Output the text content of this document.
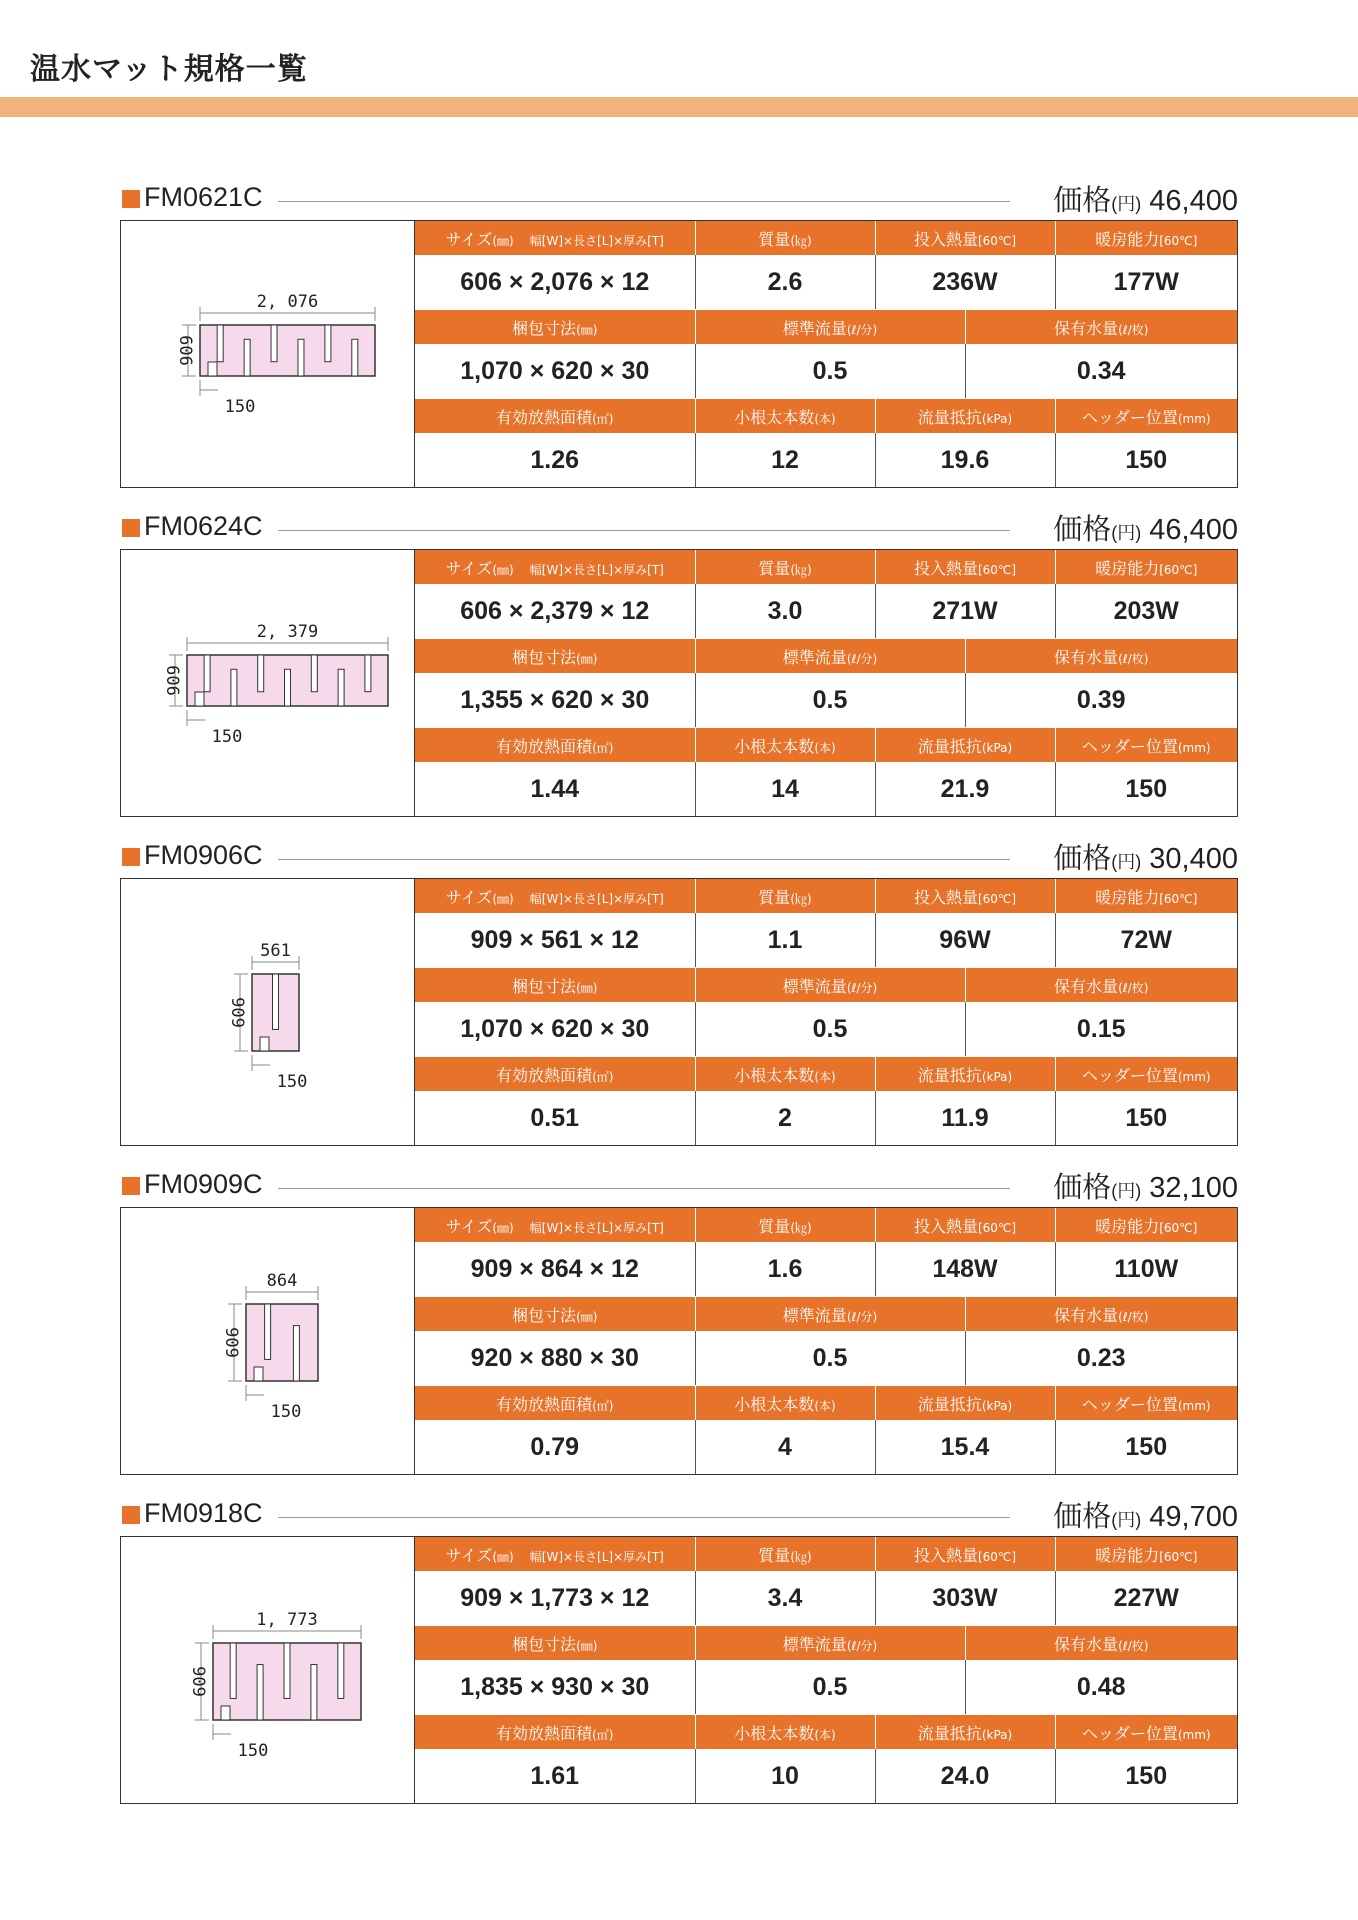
温水マット規格一覧
FM0621C	価格(円) 46,400
2, 076
606
150
サイズ(㎜)　 幅[W]×長さ[L]×厚み[T]	質量(㎏)	投入熱量[60℃]		暖房能力[60℃]
606 × 2,076 × 12	2.6	236W		177W
梱包寸法(㎜)	標準流量(ℓ/分)		保有水量(ℓ/枚)	
1,070 × 620 × 30	0.5		0.34	
有効放熱面積(㎡)	小根太本数(本)	流量抵抗(kPa)		ヘッダー位置(mm)
1.26	12	19.6		150
FM0624C	価格(円) 46,400
2, 379
606
150
サイズ(㎜)　 幅[W]×長さ[L]×厚み[T]	質量(㎏)	投入熱量[60℃]		暖房能力[60℃]
606 × 2,379 × 12	3.0	271W		203W
梱包寸法(㎜)	標準流量(ℓ/分)		保有水量(ℓ/枚)	
1,355 × 620 × 30	0.5		0.39	
有効放熱面積(㎡)	小根太本数(本)	流量抵抗(kPa)		ヘッダー位置(mm)
1.44	14	21.9		150
FM0906C	価格(円) 30,400
561
909
150
サイズ(㎜)　 幅[W]×長さ[L]×厚み[T]	質量(㎏)	投入熱量[60℃]		暖房能力[60℃]
909 × 561 × 12	1.1	96W		72W
梱包寸法(㎜)	標準流量(ℓ/分)		保有水量(ℓ/枚)	
1,070 × 620 × 30	0.5		0.15	
有効放熱面積(㎡)	小根太本数(本)	流量抵抗(kPa)		ヘッダー位置(mm)
0.51	2	11.9		150
FM0909C	価格(円) 32,100
864
909
150
サイズ(㎜)　 幅[W]×長さ[L]×厚み[T]	質量(㎏)	投入熱量[60℃]		暖房能力[60℃]
909 × 864 × 12	1.6	148W		110W
梱包寸法(㎜)	標準流量(ℓ/分)		保有水量(ℓ/枚)	
920 × 880 × 30	0.5		0.23	
有効放熱面積(㎡)	小根太本数(本)	流量抵抗(kPa)		ヘッダー位置(mm)
0.79	4	15.4		150
FM0918C	価格(円) 49,700
1, 773
909
150
サイズ(㎜)　 幅[W]×長さ[L]×厚み[T]	質量(㎏)	投入熱量[60℃]		暖房能力[60℃]
909 × 1,773 × 12	3.4	303W		227W
梱包寸法(㎜)	標準流量(ℓ/分)		保有水量(ℓ/枚)	
1,835 × 930 × 30	0.5		0.48	
有効放熱面積(㎡)	小根太本数(本)	流量抵抗(kPa)		ヘッダー位置(mm)
1.61	10	24.0		150
